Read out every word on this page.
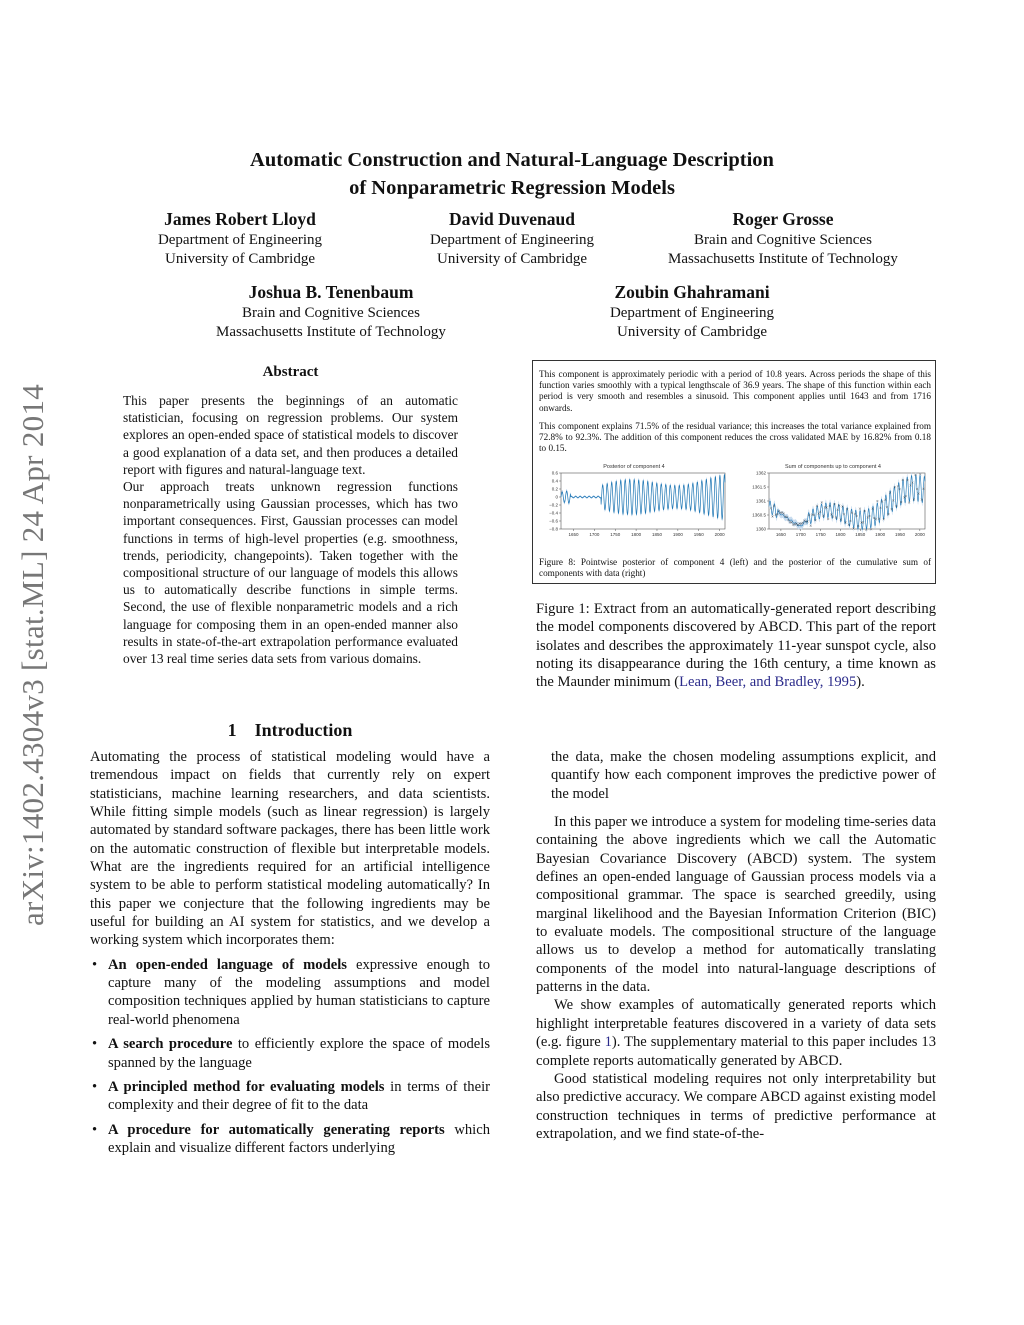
arXiv:1402.4304v3 [stat.ML] 24 Apr 2014
Automatic Construction and Natural-Language Description
of Nonparametric Regression Models
James Robert Lloyd
Department of Engineering
University of Cambridge
David Duvenaud
Department of Engineering
University of Cambridge
Roger Grosse
Brain and Cognitive Sciences
Massachusetts Institute of Technology
Joshua B. Tenenbaum
Brain and Cognitive Sciences
Massachusetts Institute of Technology
Zoubin Ghahramani
Department of Engineering
University of Cambridge
Abstract

This paper presents the beginnings of an automatic statistician, focusing on regression problems. Our system explores an open-ended space of statistical models to discover a good explanation of a data set, and then produces a detailed report with figures and natural-language text.

Our approach treats unknown regression functions nonparametrically using Gaussian processes, which has two important consequences. First, Gaussian processes can model functions in terms of high-level properties (e.g. smoothness, trends, periodicity, changepoints). Taken together with the compositional structure of our language of models this allows us to automatically describe functions in simple terms. Second, the use of flexible nonparametric models and a rich language for composing them in an open-ended manner also results in state-of-the-art extrapolation performance evaluated over 13 real time series data sets from various domains.

1 Introduction

Automating the process of statistical modeling would have a tremendous impact on fields that currently rely on expert statisticians, machine learning researchers, and data scientists. While fitting simple models (such as linear regression) is largely automated by standard software packages, there has been little work on the automatic construction of flexible but interpretable models. What are the ingredients required for an artificial intelligence system to be able to perform statistical modeling automatically? In this paper we conjecture that the following ingredients may be useful for building an AI system for statistics, and we develop a working system which incorporates them:

• An open-ended language of models expressive enough to capture many of the modeling assumptions and model composition techniques applied by human statisticians to capture real-world phenomena
• A search procedure to efficiently explore the space of models spanned by the language
• A principled method for evaluating models in terms of their complexity and their degree of fit to the data
• A procedure for automatically generating reports which explain and visualize different factors underlying
This component is approximately periodic with a period of 10.8 years. Across periods the shape of this function varies smoothly with a typical lengthscale of 36.9 years. The shape of this function within each period is very smooth and resembles a sinusoid. This component applies until 1643 and from 1716 onwards.
This component explains 71.5% of the residual variance; this increases the total variance explained from 72.8% to 92.3%. The addition of this component reduces the cross validated MAE by 16.82% from 0.18 to 0.15.
Posterior of component 4
1650 1700 1750 1800 1850 1900 1950 2000
0.6
0.4
0.2
0
−0.2
−0.4
−0.6
−0.8
Sum of components up to component 4
1650 1700 1750 1800 1850 1900 1950 2000
1362
1361.5
1361
1360.5
1360
Figure 8: Pointwise posterior of component 4 (left) and the posterior of the cumulative sum of components with data (right)
Figure 1: Extract from an automatically-generated report describing the model components discovered by ABCD. This part of the report isolates and describes the approximately 11-year sunspot cycle, also noting its disappearance during the 16th century, a time known as the Maunder minimum (Lean, Beer, and Bradley, 1995).

the data, make the chosen modeling assumptions explicit, and quantify how each component improves the predictive power of the model

In this paper we introduce a system for modeling time-series data containing the above ingredients which we call the Automatic Bayesian Covariance Discovery (ABCD) system. The system defines an open-ended language of Gaussian process models via a compositional grammar. The space is searched greedily, using marginal likelihood and the Bayesian Information Criterion (BIC) to evaluate models. The compositional structure of the language allows us to develop a method for automatically translating components of the model into natural-language descriptions of patterns in the data.

We show examples of automatically generated reports which highlight interpretable features discovered in a variety of data sets (e.g. figure 1). The supplementary material to this paper includes 13 complete reports automatically generated by ABCD.

Good statistical modeling requires not only interpretability but also predictive accuracy. We compare ABCD against existing model construction techniques in terms of predictive performance at extrapolation, and we find state-of-the-
